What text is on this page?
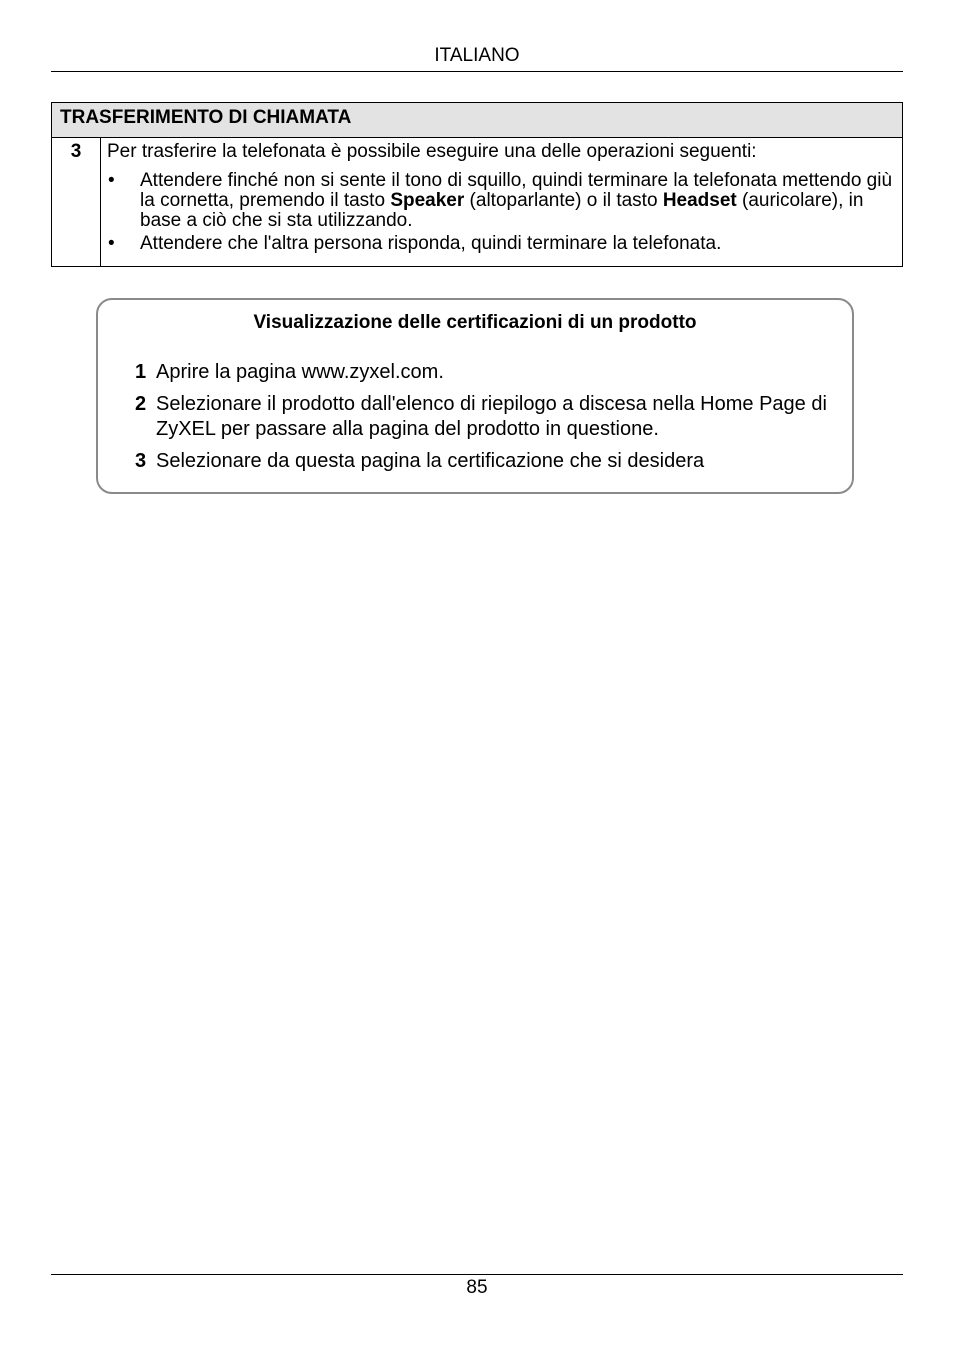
ITALIANO
TRASFERIMENTO DI CHIAMATA
3	Per trasferire la telefonata è possibile eseguire una delle operazioni seguenti:

• Attendere finché non si sente il tono di squillo, quindi terminare la telefonata mettendo giù la cornetta, premendo il tasto Speaker (altoparlante) o il tasto Headset (auricolare), in base a ciò che si sta utilizzando.
• Attendere che l'altra persona risponda, quindi terminare la telefonata.
Visualizzazione delle certificazioni di un prodotto
1 Aprire la pagina www.zyxel.com.
2 Selezionare il prodotto dall'elenco di riepilogo a discesa nella Home Page di ZyXEL per passare alla pagina del prodotto in questione.
3 Selezionare da questa pagina la certificazione che si desidera
85
